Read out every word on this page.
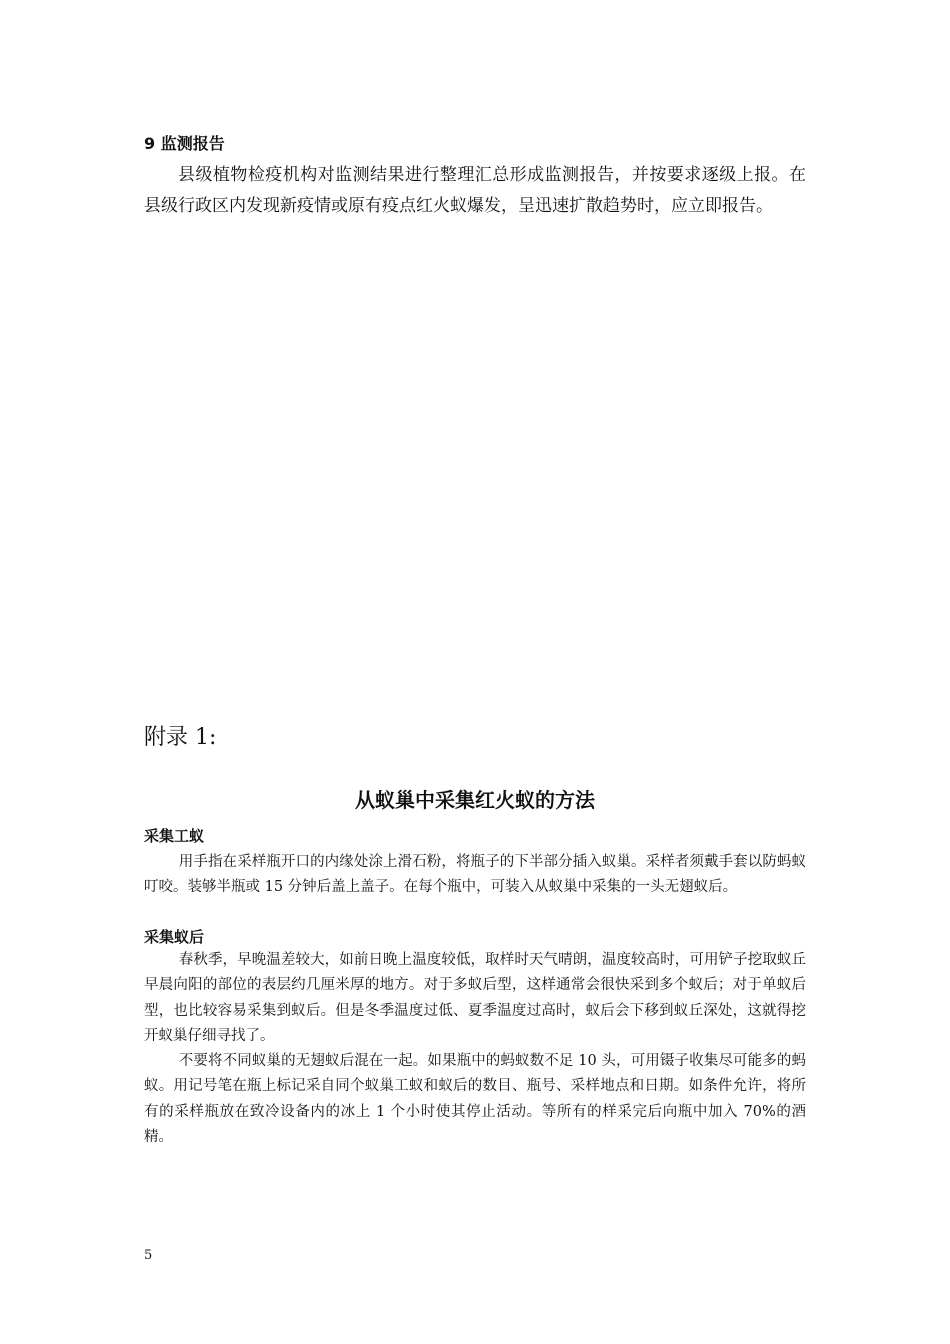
9 监测报告
县级植物检疫机构对监测结果进行整理汇总形成监测报告，并按要求逐级上报。在县级行政区内发现新疫情或原有疫点红火蚁爆发，呈迅速扩散趋势时，应立即报告。
附录 1:
从蚁巢中采集红火蚁的方法
采集工蚁
用手指在采样瓶开口的内缘处涂上滑石粉，将瓶子的下半部分插入蚁巢。采样者须戴手套以防蚂蚁叮咬。装够半瓶或 15 分钟后盖上盖子。在每个瓶中，可装入从蚁巢中采集的一头无翅蚁后。
采集蚁后
春秋季，早晚温差较大，如前日晚上温度较低，取样时天气晴朗，温度较高时，可用铲子挖取蚁丘早晨向阳的部位的表层约几厘米厚的地方。对于多蚁后型，这样通常会很快采到多个蚁后；对于单蚁后型，也比较容易采集到蚁后。但是冬季温度过低、夏季温度过高时，蚁后会下移到蚁丘深处，这就得挖开蚁巢仔细寻找了。
不要将不同蚁巢的无翅蚁后混在一起。如果瓶中的蚂蚁数不足 10 头，可用镊子收集尽可能多的蚂蚁。用记号笔在瓶上标记采自同个蚁巢工蚁和蚁后的数目、瓶号、采样地点和日期。如条件允许，将所有的采样瓶放在致冷设备内的冰上 1 个小时使其停止活动。等所有的样采完后向瓶中加入 70%的酒精。
5
